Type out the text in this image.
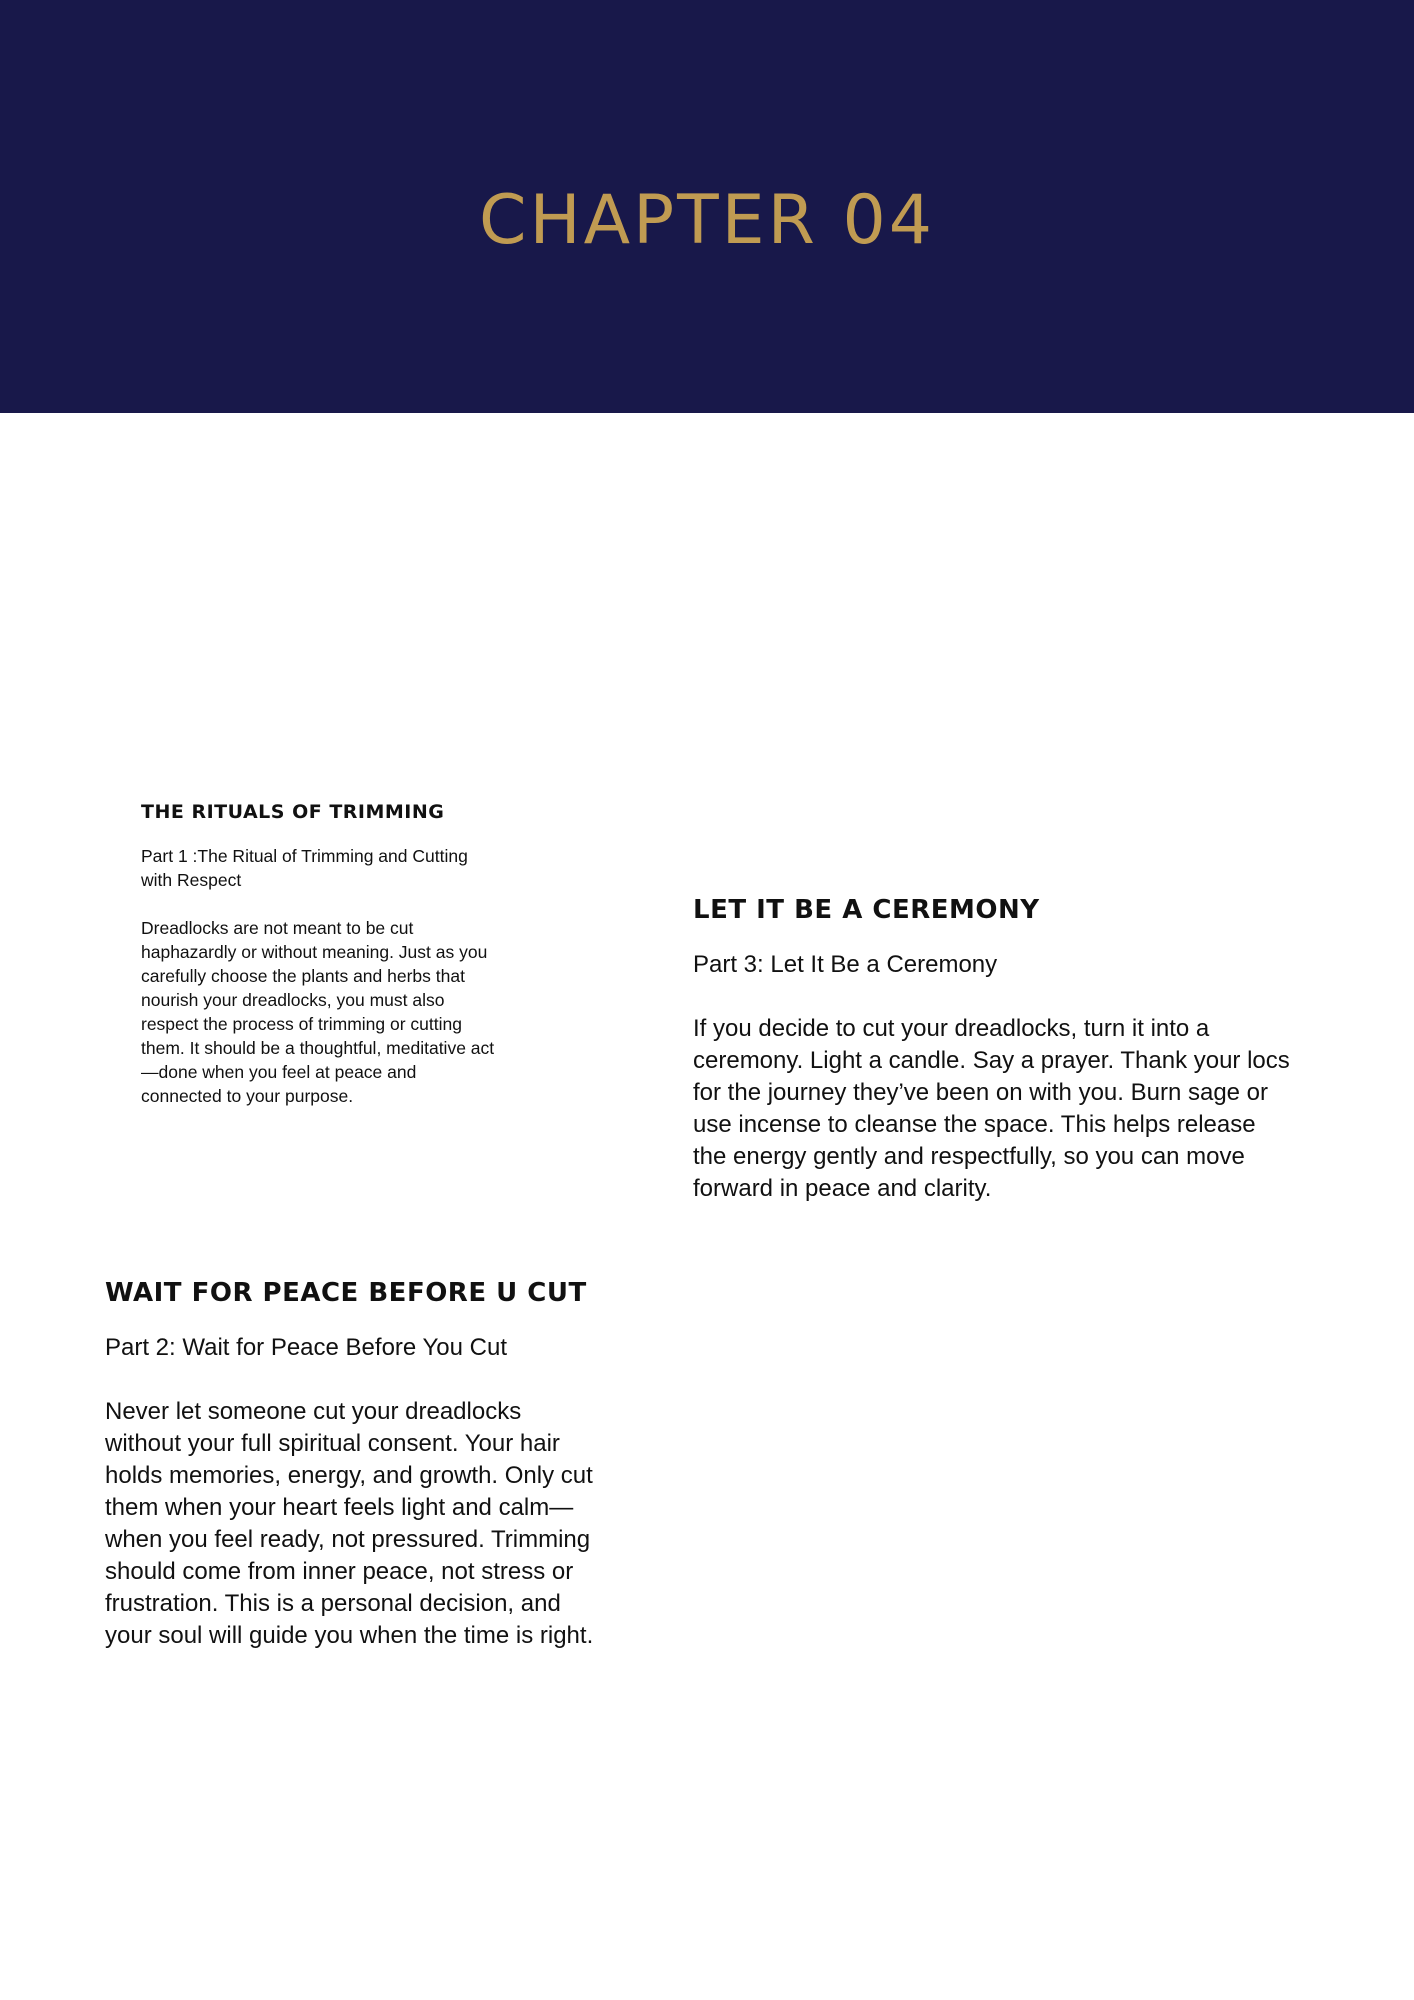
CHAPTER 04
THE RITUALS OF TRIMMING

Part 1 :The Ritual of Trimming and Cutting with Respect

Dreadlocks are not meant to be cut haphazardly or without meaning. Just as you carefully choose the plants and herbs that nourish your dreadlocks, you must also respect the process of trimming or cutting them. It should be a thoughtful, meditative act—done when you feel at peace and connected to your purpose.

LET IT BE A CEREMONY

Part 3: Let It Be a Ceremony

If you decide to cut your dreadlocks, turn it into a ceremony. Light a candle. Say a prayer. Thank your locs for the journey they’ve been on with you. Burn sage or use incense to cleanse the space. This helps release the energy gently and respectfully, so you can move forward in peace and clarity.

WAIT FOR PEACE BEFORE U CUT

Part 2: Wait for Peace Before You Cut

Never let someone cut your dreadlocks without your full spiritual consent. Your hair holds memories, energy, and growth. Only cut them when your heart feels light and calm—when you feel ready, not pressured. Trimming should come from inner peace, not stress or frustration. This is a personal decision, and your soul will guide you when the time is right.
